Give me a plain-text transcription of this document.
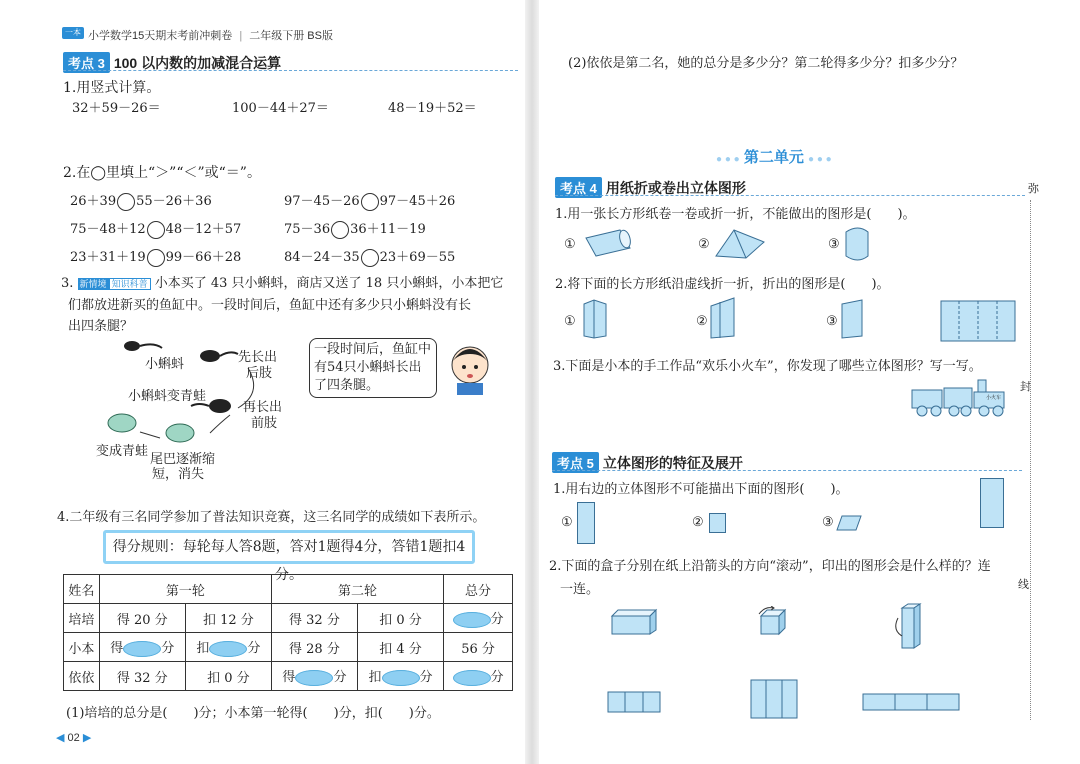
一本 小学数学15天期末考前冲刺卷 | 二年级下册 BS版
考点 3 100 以内数的加减混合运算
1.用竖式计算。
32＋59－26＝	100－44＋27＝	48－19＋52＝
2.在◯里填上“＞”“＜”或“＝”。
26＋39 55－26＋36	97－45－26 97－45＋26
75－48＋12 48－12＋57	75－36 36＋11－19
23＋31＋19 99－66＋28	84－24－35 23＋69－55
3. 新情境 知识科普 小本买了 43 只小蝌蚪，商店又送了 18 只小蝌蚪，小本把它
们都放进新买的鱼缸中。一段时间后，鱼缸中还有多少只小蝌蚪没有长
出四条腿？
小蝌蚪	先长出
后肢
小蝌蚪变青蛙
再长出
前肢
变成青蛙
尾巴逐渐缩
短，消失
一段时间后，鱼缸中有54只小蝌蚪长出了四条腿。
4.二年级有三名同学参加了普法知识竞赛，这三名同学的成绩如下表所示。
得分规则：每轮每人答8题，答对1题得4分，答错1题扣4分。
姓名	第一轮		第二轮		总分
培培	得 20 分	扣 12 分	得 32 分	扣 0 分	分
小本	得 分	扣 分	得 28 分	扣 4 分	56 分
依依	得 32 分	扣 0 分	得 分	扣 分	分
(1)培培的总分是(　　)分；小本第一轮得(　　)分，扣(　　)分。
◀ 02 ▶
(2)依依是第二名，她的总分是多少分？第二轮得多少分？扣多少分？
● ● ● 第二单元 ● ● ●
考点 4 用纸折或卷出立体图形
1.用一张长方形纸卷一卷或折一折，不能做出的图形是(　　)。
①	②	③
2.将下面的长方形纸沿虚线折一折，折出的图形是(　　)。
①	②	③
3.下面是小本的手工作品“欢乐小火车”，你发现了哪些立体图形？写一写。
小火车
考点 5 立体图形的特征及展开
1.用右边的立体图形不可能描出下面的图形(　　)。
①	②	③
2.下面的盒子分别在纸上沿箭头的方向“滚动”，印出的图形会是什么样的？连
一连。
弥
封
线
